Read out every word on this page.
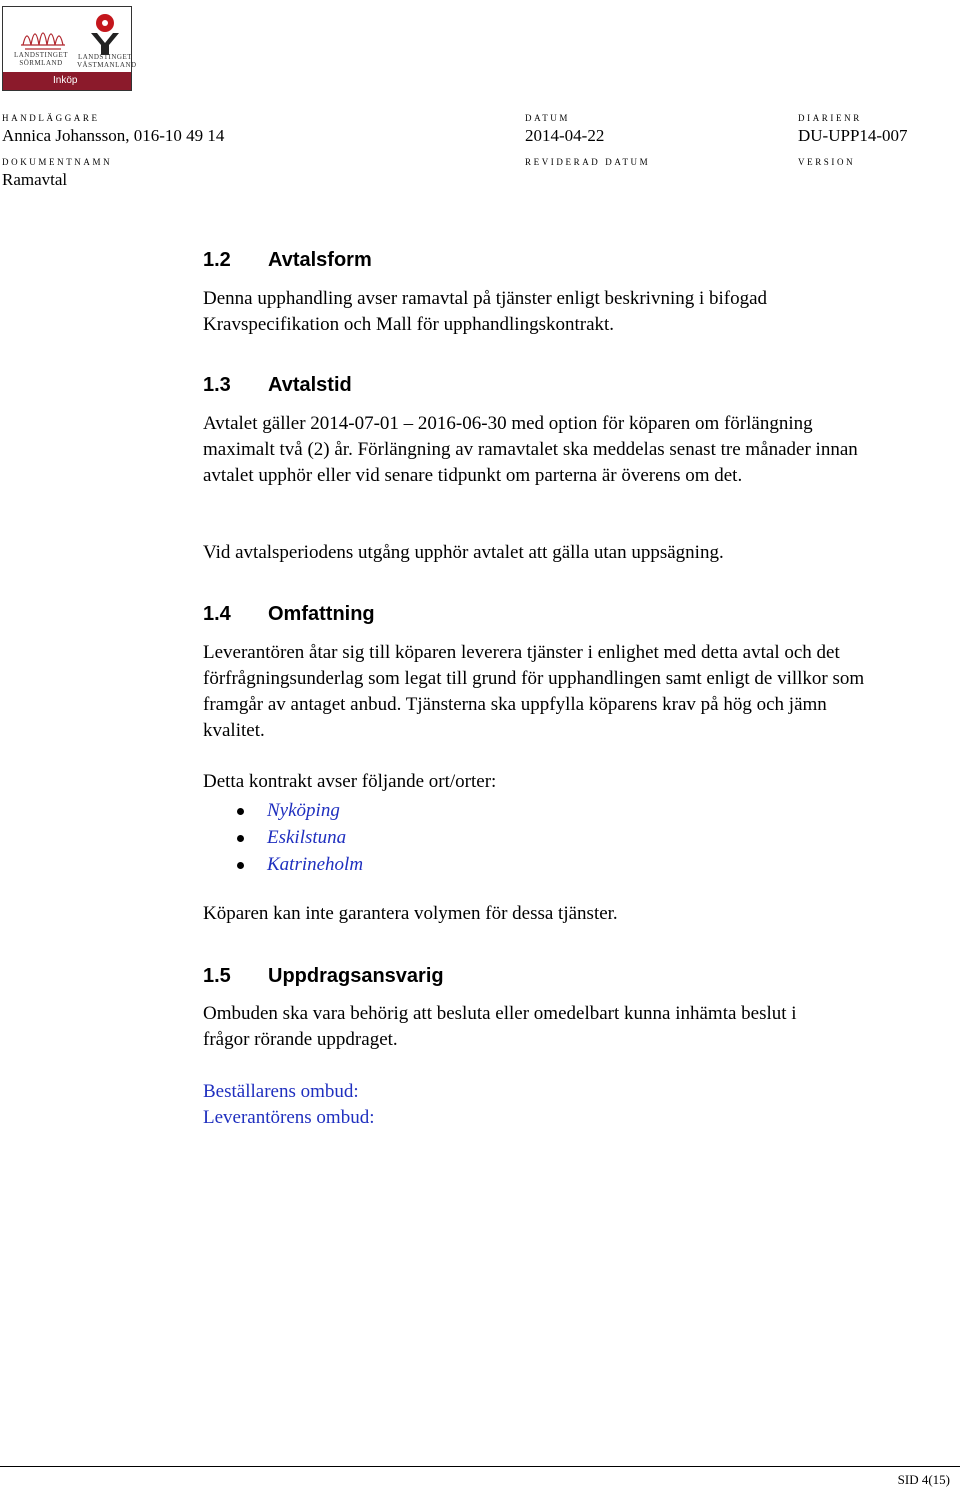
LANDSTINGET SÖRMLAND
LANDSTINGET VÄSTMANLAND
Inköp
HANDLÄGGARE
Annica Johansson, 016-10 49 14
DATUM
2014-04-22
DIARIENR
DU-UPP14-007
DOKUMENTNAMN
Ramavtal
REVIDERAD DATUM	VERSION
1.2 Avtalsform

Denna upphandling avser ramavtal på tjänster enligt beskrivning i bifogad Kravspecifikation och Mall för upphandlingskontrakt.

1.3 Avtalstid

Avtalet gäller 2014-07-01 – 2016-06-30 med option för köparen om förlängning maximalt två (2) år. Förlängning av ramavtalet ska meddelas senast tre månader innan avtalet upphör eller vid senare tidpunkt om parterna är överens om det.

Vid avtalsperiodens utgång upphör avtalet att gälla utan uppsägning.

1.4 Omfattning

Leverantören åtar sig till köparen leverera tjänster i enlighet med detta avtal och det förfrågningsunderlag som legat till grund för upphandlingen samt enligt de villkor som framgår av antaget anbud. Tjänsterna ska uppfylla köparens krav på hög och jämn kvalitet.

Detta kontrakt avser följande ort/orter:

Nyköping
Eskilstuna
Katrineholm

Köparen kan inte garantera volymen för dessa tjänster.

1.5 Uppdragsansvarig

Ombuden ska vara behörig att besluta eller omedelbart kunna inhämta beslut i frågor rörande uppdraget.

Beställarens ombud:

Leverantörens ombud:

SID 4(15)
